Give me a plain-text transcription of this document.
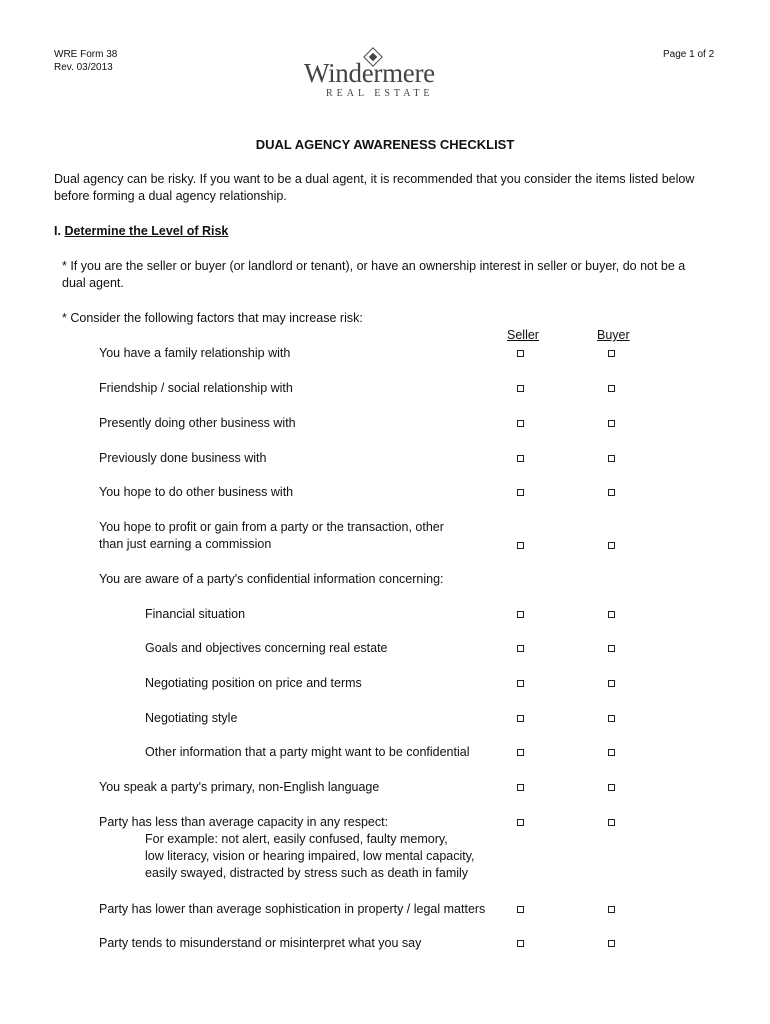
WRE Form 38
Rev. 03/2013
Page 1 of 2
Windermere
REAL ESTATE
DUAL AGENCY AWARENESS CHECKLIST
Dual agency can be risky. If you want to be a dual agent, it is recommended that you consider the items listed below
before forming a dual agency relationship.
I. Determine the Level of Risk
* If you are the seller or buyer (or landlord or tenant), or have an ownership interest in seller or buyer, do not be a
dual agent.
* Consider the following factors that may increase risk:
Seller	Buyer
You have a family relationship with
Friendship / social relationship with
Presently doing other business with
Previously done business with
You hope to do other business with
You hope to profit or gain from a party or the transaction, other
than just earning a commission
You are aware of a party's confidential information concerning:
Financial situation
Goals and objectives concerning real estate
Negotiating position on price and terms
Negotiating style
Other information that a party might want to be confidential
You speak a party's primary, non-English language
Party has less than average capacity in any respect:
For example: not alert, easily confused, faulty memory,
low literacy, vision or hearing impaired, low mental capacity,
easily swayed, distracted by stress such as death in family
Party has lower than average sophistication in property / legal matters
Party tends to misunderstand or misinterpret what you say
